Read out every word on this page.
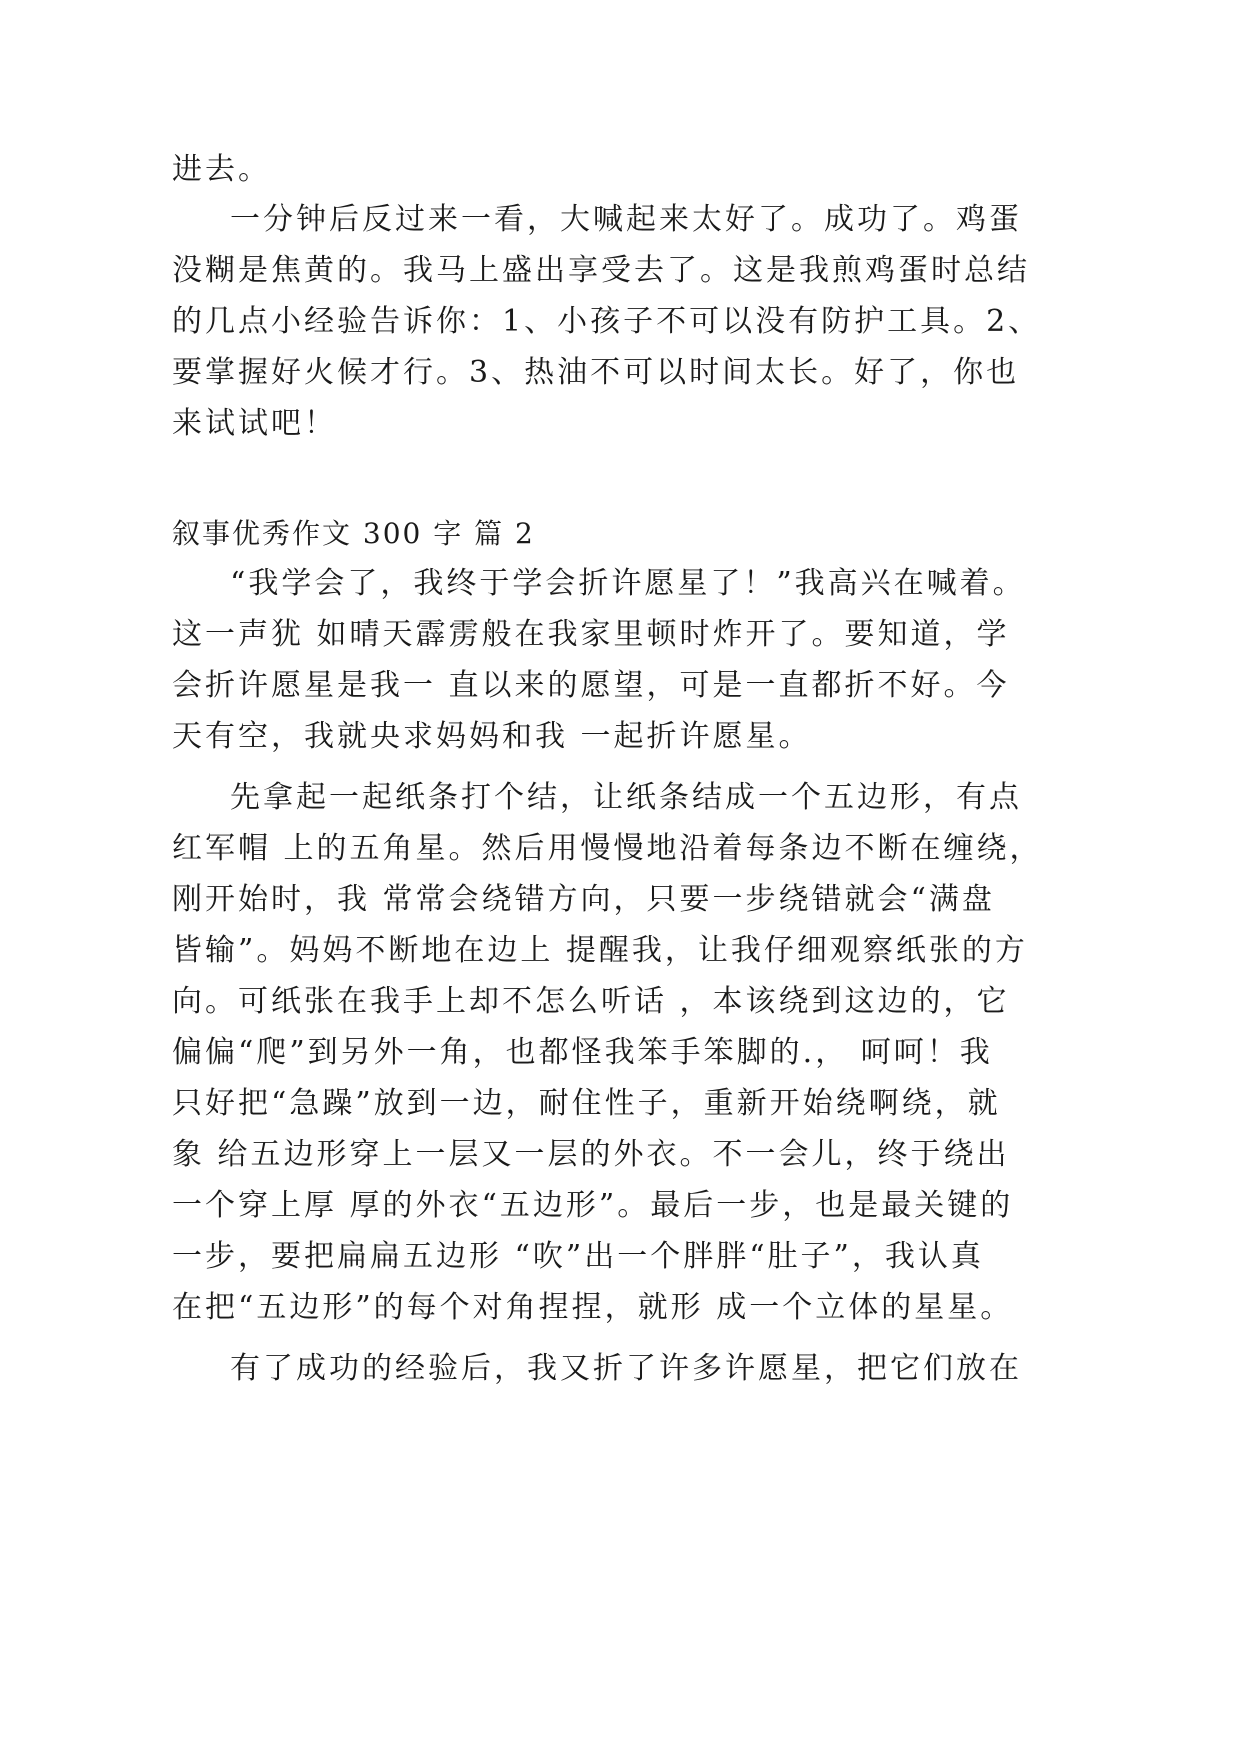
进去。
一分钟后反过来一看，大喊起来太好了。成功了。鸡蛋
没糊是焦黄的。我马上盛出享受去了。这是我煎鸡蛋时总结
的几点小经验告诉你：1、小孩子不可以没有防护工具。2、
要掌握好火候才行。3、热油不可以时间太长。好了，你也
来试试吧！
叙事优秀作文 300 字 篇 2
“我学会了，我终于学会折许愿星了！”我高兴在喊着。
这一声犹 如晴天霹雳般在我家里顿时炸开了。要知道，学
会折许愿星是我一 直以来的愿望，可是一直都折不好。今
天有空，我就央求妈妈和我 一起折许愿星。
先拿起一起纸条打个结，让纸条结成一个五边形，有点
红军帽 上的五角星。然后用慢慢地沿着每条边不断在缠绕，
刚开始时，我 常常会绕错方向，只要一步绕错就会“满盘
皆输”。妈妈不断地在边上 提醒我，让我仔细观察纸张的方
向。可纸张在我手上却不怎么听话 ，本该绕到这边的，它
偏偏“爬”到另外一角，也都怪我笨手笨脚的.， 呵呵！我
只好把“急躁”放到一边，耐住性子，重新开始绕啊绕，就
象 给五边形穿上一层又一层的外衣。不一会儿，终于绕出
一个穿上厚 厚的外衣“五边形”。最后一步，也是最关键的
一步，要把扁扁五边形 “吹”出一个胖胖“肚子”，我认真
在把“五边形”的每个对角捏捏，就形 成一个立体的星星。
有了成功的经验后，我又折了许多许愿星，把它们放在
